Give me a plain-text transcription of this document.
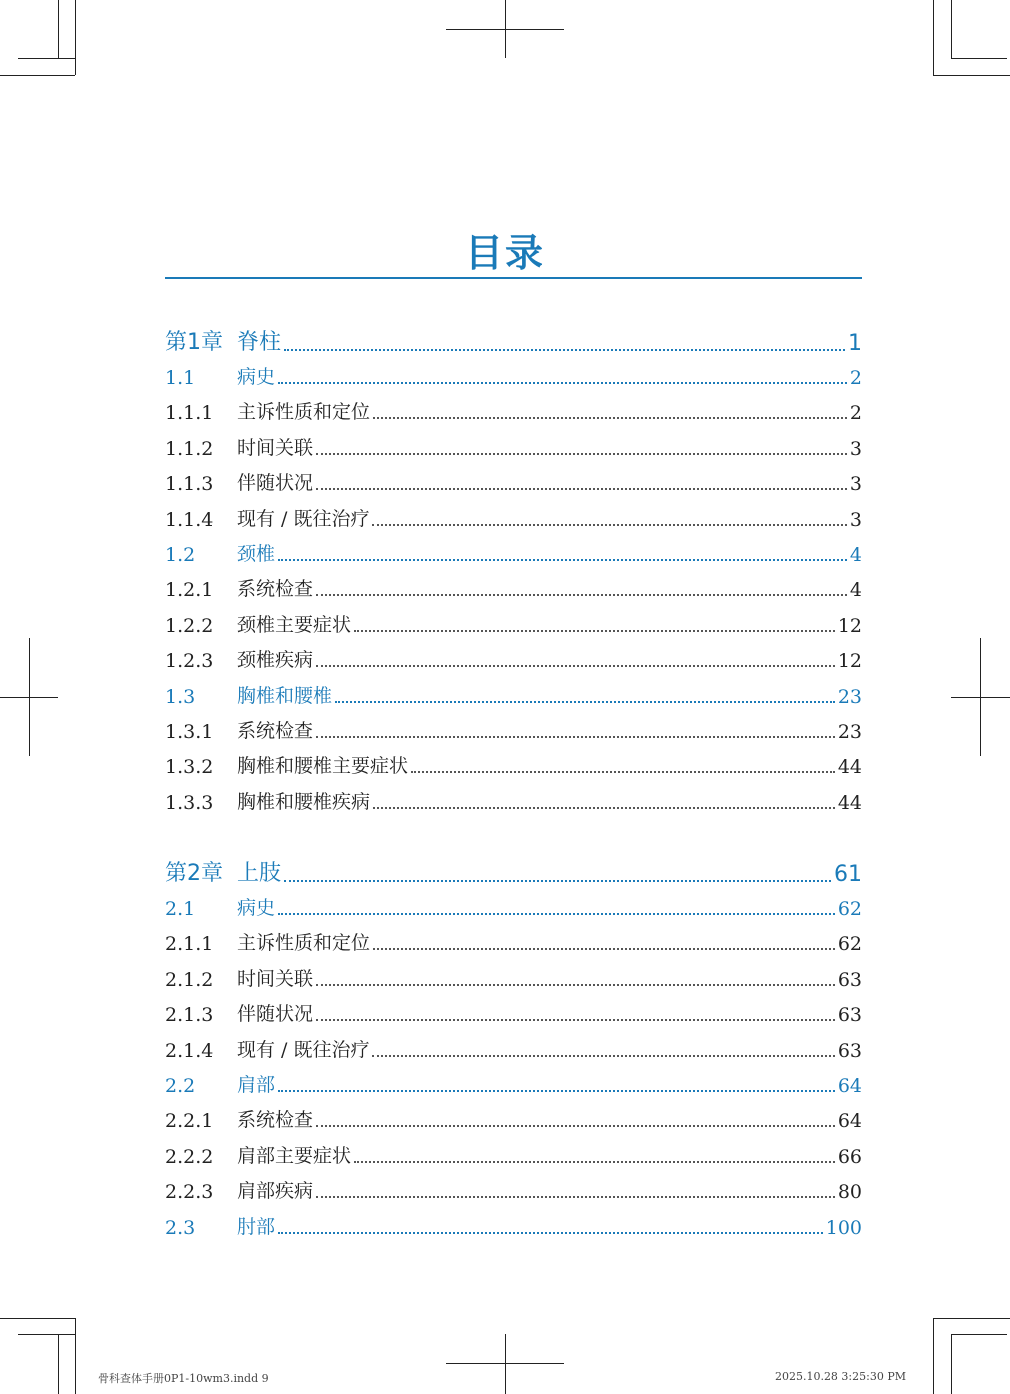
目录
第1章 脊柱	1
1.1	病史	2
1.1.1	主诉性质和定位	2
1.1.2	时间关联	3
1.1.3	伴随状况	3
1.1.4	现有 / 既往治疗	3
1.2	颈椎	4
1.2.1	系统检查	4
1.2.2	颈椎主要症状	12
1.2.3	颈椎疾病	12
1.3	胸椎和腰椎	23
1.3.1	系统检查	23
1.3.2	胸椎和腰椎主要症状	44
1.3.3	胸椎和腰椎疾病	44
第2章 上肢	61
2.1	病史	62
2.1.1	主诉性质和定位	62
2.1.2	时间关联	63
2.1.3	伴随状况	63
2.1.4	现有 / 既往治疗	63
2.2	肩部	64
2.2.1	系统检查	64
2.2.2	肩部主要症状	66
2.2.3	肩部疾病	80
2.3	肘部	100
骨科查体手册0P1-10wm3.indd 9	2025.10.28 3:25:30 PM
